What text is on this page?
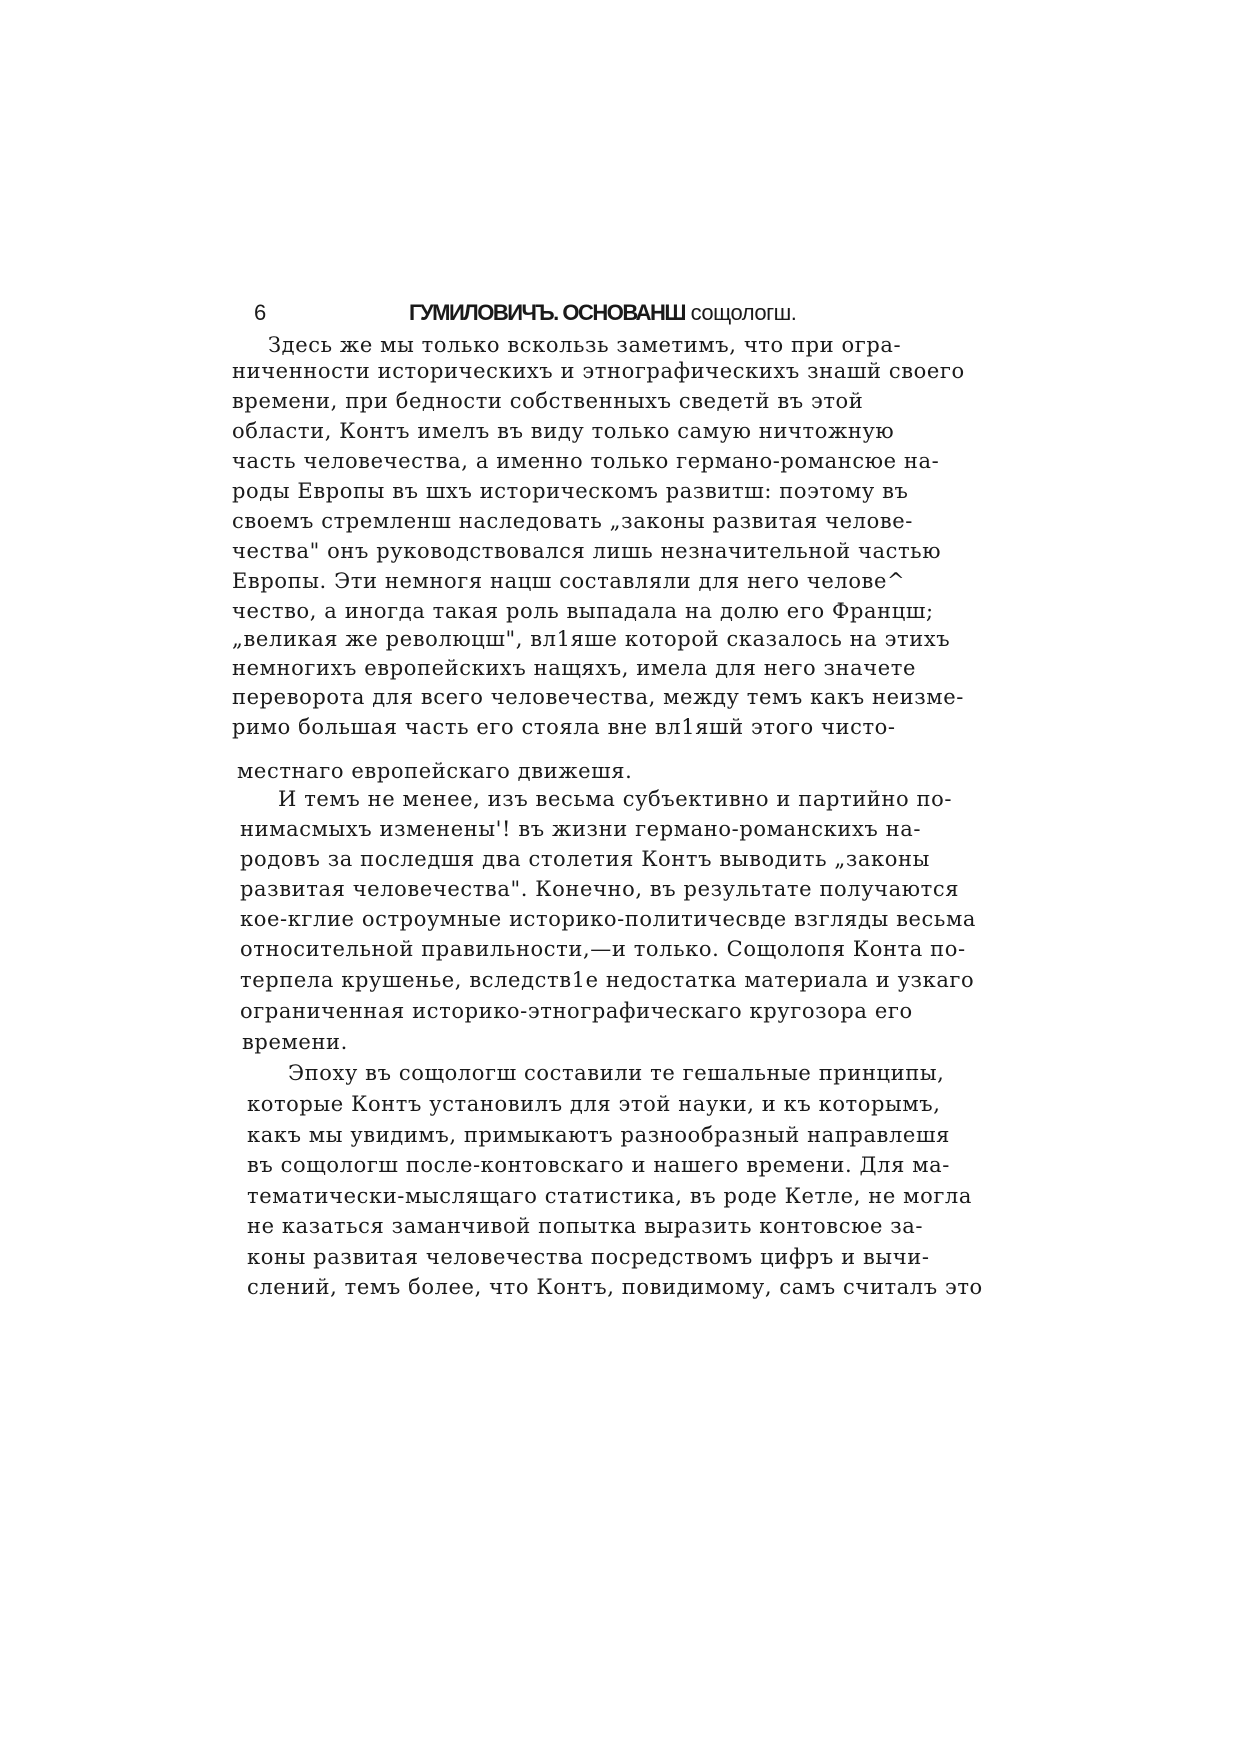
6	ГУМИЛОВИЧЪ. ОСНОВАНШ сощологш.
Здесь же мы только вскользь заметимъ, что при огра-
ниченности историческихъ и этнографическихъ знашй своего
времени, при бедности собственныхъ сведетй въ этой
области, Контъ имелъ въ виду только самую ничтожную
часть человечества, а именно только германо-романсюе на-
роды Европы въ шхъ историческомъ развитш: поэтому въ
своемъ стремленш наследовать „законы развитая челове-
чества" онъ руководствовался лишь незначительной частью
Европы. Эти немногя нацш составляли для него челове^
чество, а иногда такая роль выпадала на долю его Францш;
„великая же революцш", вл1яше которой сказалось на этихъ
немногихъ европейскихъ нащяхъ, имела для него значете
переворота для всего человечества, между темъ какъ неизме-
римо большая часть его стояла вне вл1яшй этого чисто-
местнаго европейскаго движешя.
И темъ не менее, изъ весьма субъективно и партийно по-
нимасмыхъ изменены'! въ жизни германо-романскихъ на-
родовъ за последшя два столетия Контъ выводить „законы
развитая человечества". Конечно, въ результате получаются
кое-кглие остроумные историко-политичесвде взгляды весьма
относительной правильности,—и только. Сощолопя Конта по-
терпела крушенье, вследств1е недостатка материала и узкаго
ограниченная историко-этнографическаго кругозора его
времени.
Эпоху въ сощологш составили те гешальные принципы,
которые Контъ установилъ для этой науки, и къ которымъ,
какъ мы увидимъ, примыкаютъ разнообразный направлешя
въ сощологш после-контовскаго и нашего времени. Для ма-
тематически-мыслящаго статистика, въ роде Кетле, не могла
не казаться заманчивой попытка выразить контовсюе за-
коны развитая человечества посредствомъ цифръ и вычи-
слений, темъ более, что Контъ, повидимому, самъ считалъ это
